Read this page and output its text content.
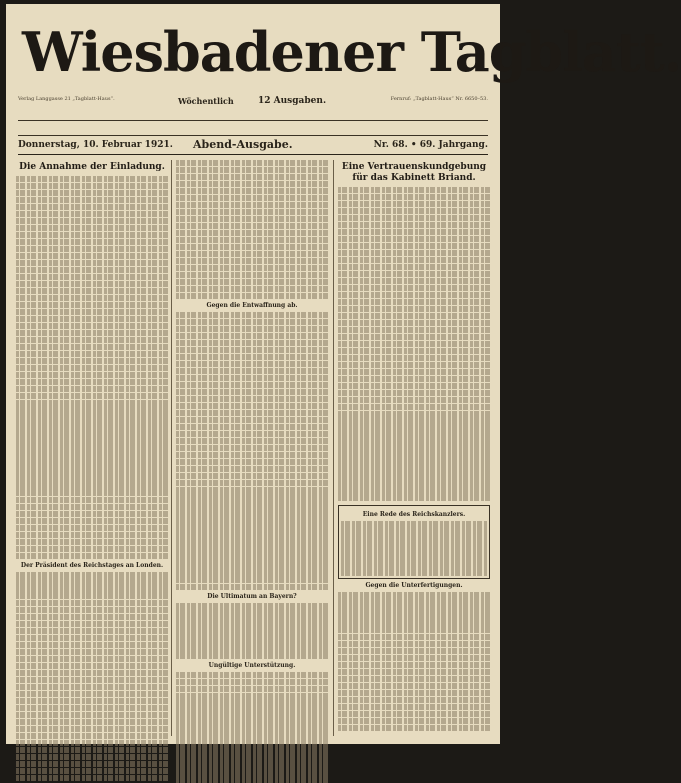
Wiesbadener Tagblatt.
Verlag Langgasse 21 „Tagblatt-Haus“.	Wöchentlich	12 Ausgaben.	Fernruf: „Tagblatt-Haus“ Nr. 6650–53.
Donnerstag, 10. Februar 1921. Abend-Ausgabe.	Nr. 68. • 69. Jahrgang.
Die Annahme der Einladung.
Der Präsident des Reichstages an Londen.
Gegen die Entwaffnung ab.
Die Ultimatum an Bayern?
Ungültige Unterstützung.
Eine Vertrauenskundgebung für das Kabinett Briand.
Eine Rede des Reichskanzlers.
Gegen die Unterfertigungen.
